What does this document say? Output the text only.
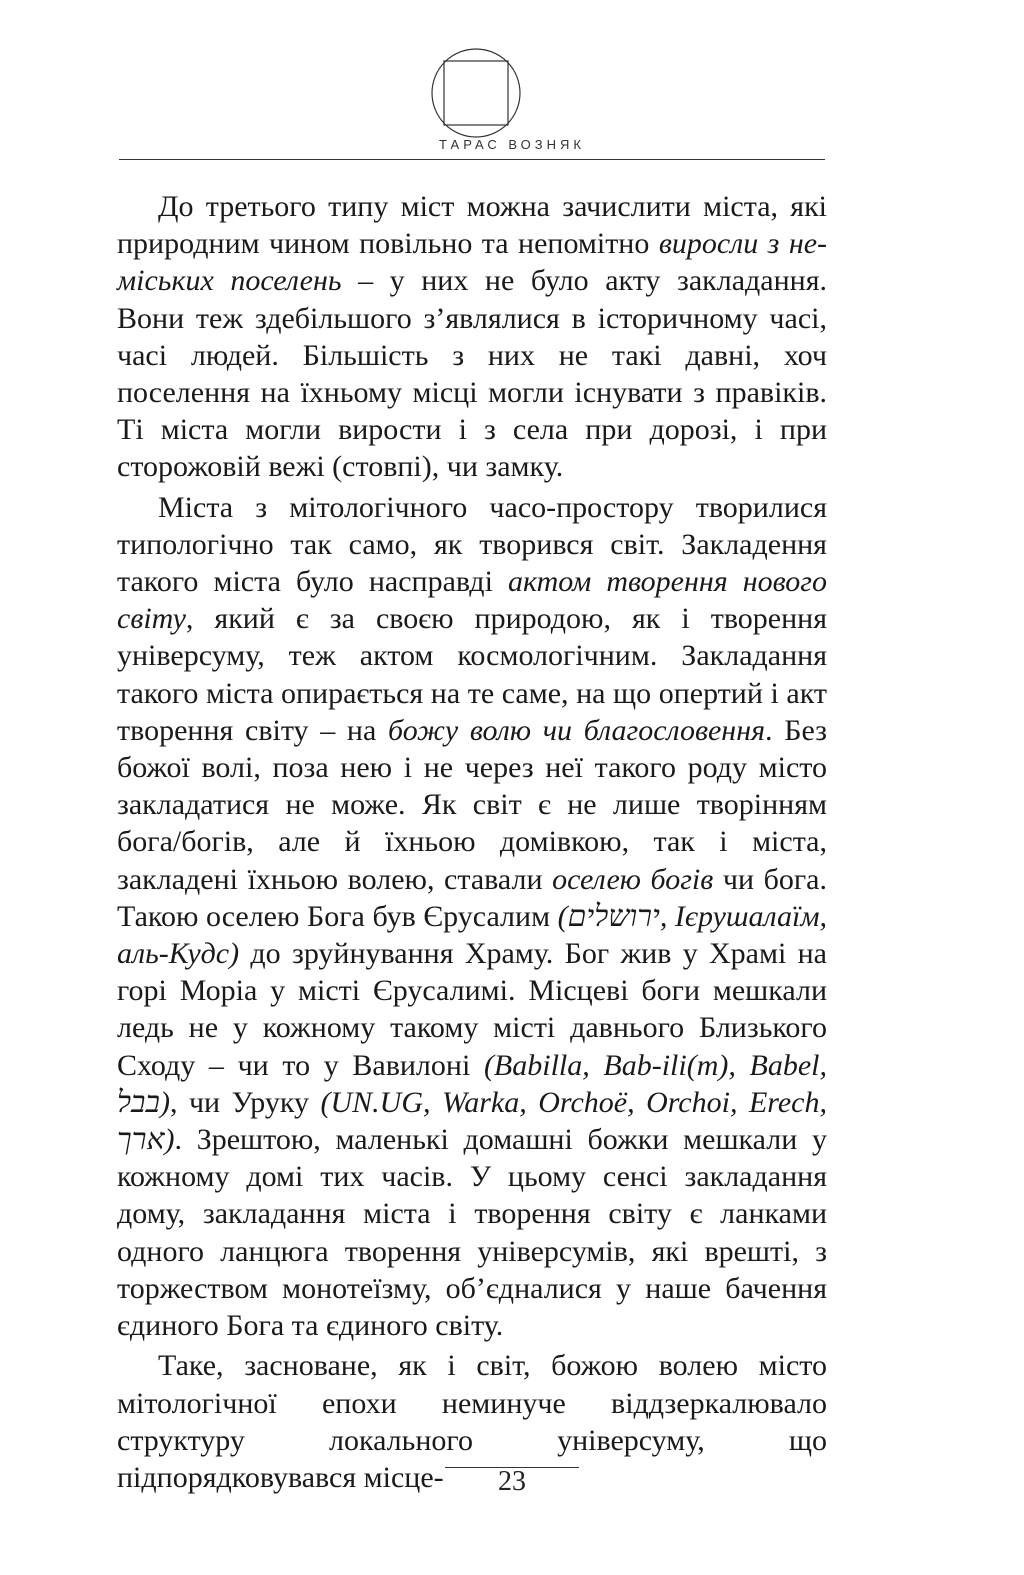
ТАРАС ВОЗНЯК

До третього типу міст можна зачислити міста, які природним чином повільно та непомітно виросли з не-міських поселень – у них не було акту закладання. Вони теж здебільшого з’являлися в історичному часі, часі людей. Більшість з них не такі давні, хоч поселення на їхньому місці могли існувати з правіків. Ті міста могли вирости і з села при дорозі, і при сторожовій вежі (стовпі), чи замку.

Міста з мітологічного часо-простору творилися типологічно так само, як творився світ. Закладення такого міста було насправді актом творення нового світу, який є за своєю природою, як і творення універсуму, теж актом космологічним. Закладання такого міста опирається на те саме, на що опертий і акт творення світу – на божу волю чи благословення. Без божої волі, поза нею і не через неї такого роду місто закладатися не може. Як світ є не лише творінням бога/богів, але й їхньою домівкою, так і міста, закладені їхньою волею, ставали оселею богів чи бога. Такою оселею Бога був Єрусалим (ירושלים, Ієрушалаїм, аль-Кудс) до зруйнування Храму. Бог жив у Храмі на горі Моріа у місті Єрусалимі. Місцеві боги мешкали ледь не у кожному такому місті давнього Близького Сходу – чи то у Вавилоні (Babilla, Bab-ili(m), Babel, בבל), чи Уруку (UN.UG, Warka, Orchoë, Orchoi, Erech, ארך). Зрештою, маленькі домашні божки мешкали у кожному домі тих часів. У цьому сенсі закладання дому, закладання міста і творення світу є ланками одного ланцюга творення універсумів, які врешті, з торжеством монотеїзму, об’єдналися у наше бачення єдиного Бога та єдиного світу.

Таке, засноване, як і світ, божою волею місто мітологічної епохи неминуче віддзеркалювало структуру локального універсуму, що підпорядковувався місце-	23
